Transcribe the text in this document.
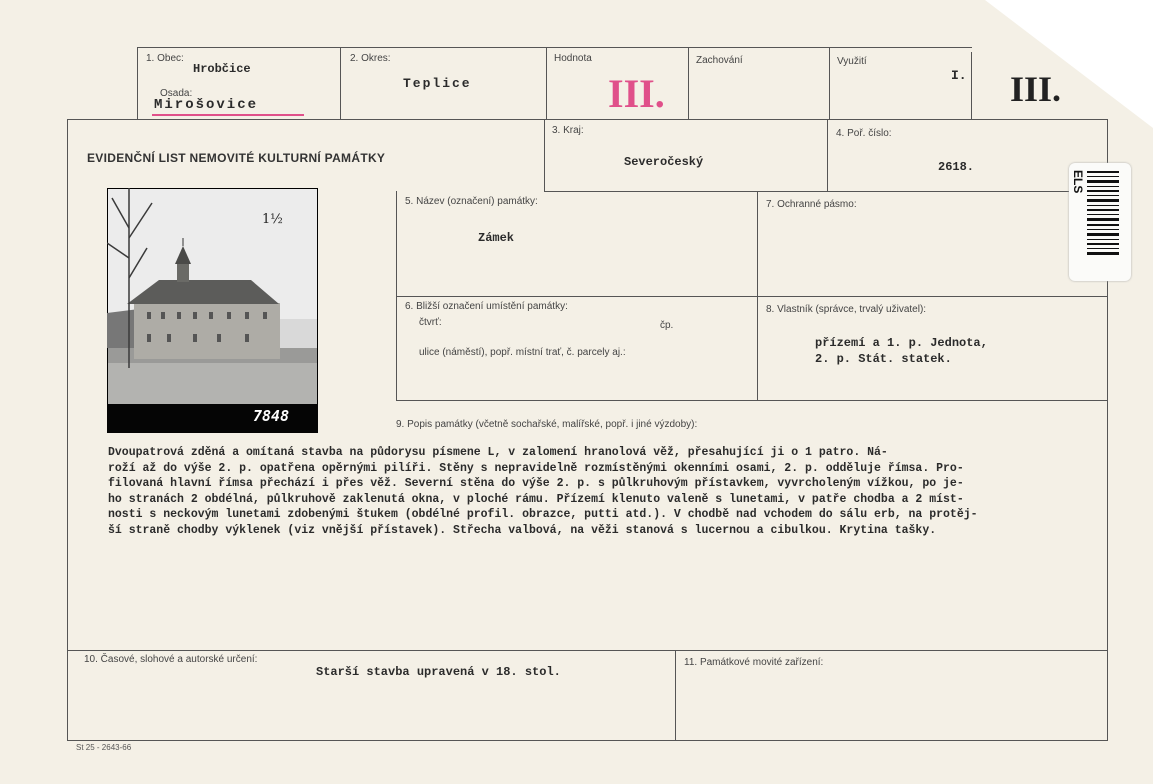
1. Obec:
Hrobčice
Osada:
Mirošovice
2. Okres:
Teplice
Hodnota
III.
Zachování	Využití
I. III.
EVIDENČNÍ LIST NEMOVITÉ KULTURNÍ PAMÁTKY
3. Kraj:
Severočeský
4. Poř. číslo:
2618.
5. Název (označení) památky:
Zámek
7. Ochranné pásmo:
6. Bližší označení umístění památky:
čtvrť:	čp.
ulice (náměstí), popř. místní trať, č. parcely aj.:
8. Vlastník (správce, trvalý uživatel):
přízemí a 1. p. Jednota,
2. p. Stát. statek.
7848
1½
9. Popis památky (včetně sochařské, malířské, popř. i jiné výzdoby):
Dvoupatrová zděná a omítaná stavba na půdorysu písmene L, v zalomení hranolová věž, přesahující ji o 1 patro. Ná-
roží až do výše 2. p. opatřena opěrnými pilíři. Stěny s nepravidelně rozmístěnými okenními osami, 2. p. odděluje římsa. Pro-
filovaná hlavní římsa přechází i přes věž. Severní stěna do výše 2. p. s půlkruhovým přístavkem, vyvrcholeným vížkou, po je-
ho stranách 2 obdélná, půlkruhově zaklenutá okna, v ploché rámu. Přízemí klenuto valeně s lunetami, v patře chodba a 2 míst-
nosti s neckovým lunetami zdobenými štukem (obdélné profil. obrazce, putti atd.). V chodbě nad vchodem do sálu erb, na protěj-
ší straně chodby výklenek (viz vnější přístavek). Střecha valbová, na věži stanová s lucernou a cibulkou. Krytina tašky.
10. Časové, slohové a autorské určení:
Starší stavba upravená v 18. stol.
11. Památkové movité zařízení:
ELS
St 25 - 2643-66
